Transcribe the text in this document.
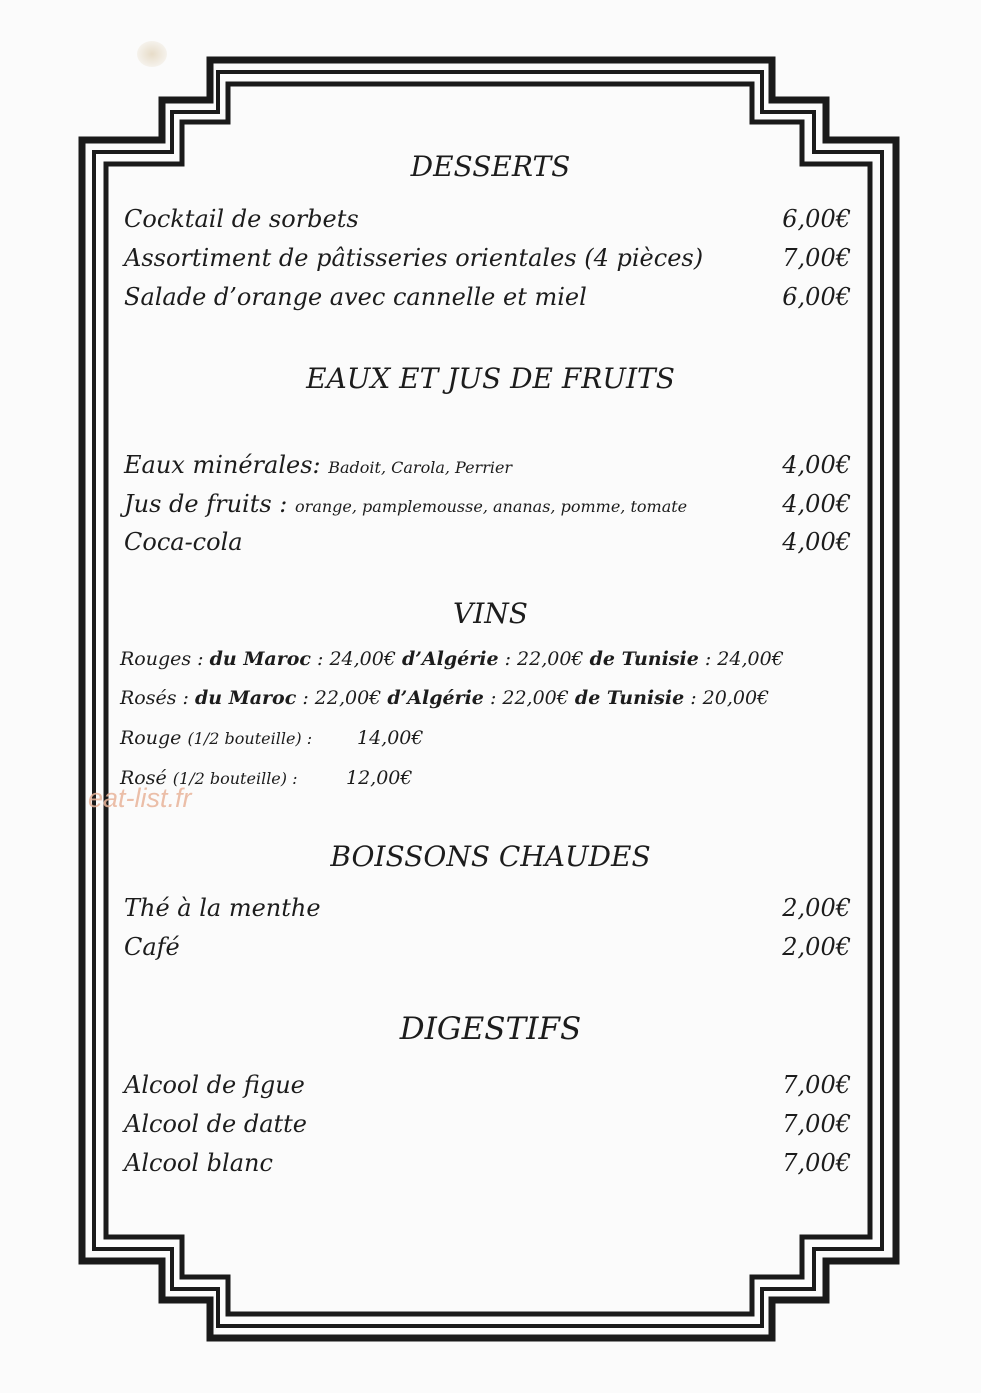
DESSERTS
Cocktail de sorbets	6,00€
Assortiment de pâtisseries orientales (4 pièces)	7,00€
Salade d’orange avec cannelle et miel	6,00€
EAUX ET JUS DE FRUITS
Eaux minérales: Badoit, Carola, Perrier	4,00€
Jus de fruits : orange, pamplemousse, ananas, pomme, tomate	4,00€
Coca-cola	4,00€
VINS
Rouges : du Maroc : 24,00€ d’Algérie : 22,00€ de Tunisie : 24,00€
Rosés : du Maroc : 22,00€ d’Algérie : 22,00€ de Tunisie : 20,00€
Rouge (1/2 bouteille) : 14,00€
Rosé (1/2 bouteille) :	12,00€
eat-list.fr
BOISSONS CHAUDES
Thé à la menthe	2,00€
Café	2,00€
DIGESTIFS
Alcool de figue	7,00€
Alcool de datte	7,00€
Alcool blanc	7,00€
